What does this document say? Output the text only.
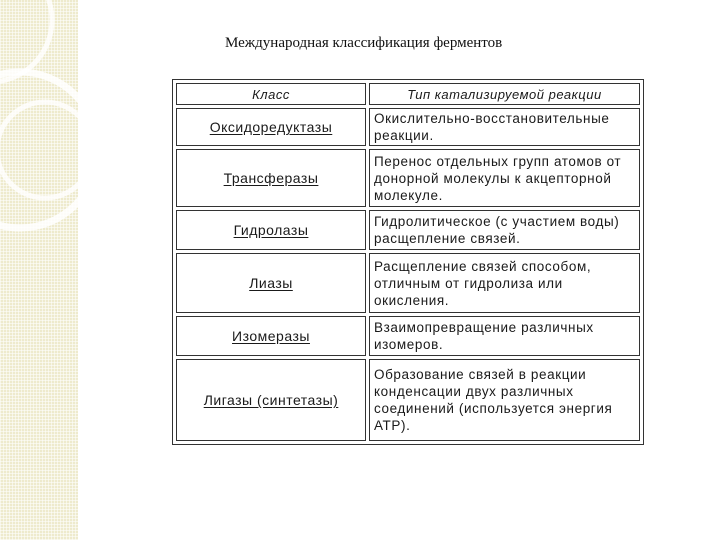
Международная классификация ферментов
Класс	Тип катализируемой реакции
Оксидоредуктазы	Окислительно-восстановительные реакции.
Трансферазы	Перенос отдельных групп атомов от донорной молекулы к акцепторной молекуле.
Гидролазы	Гидролитическое (с участием воды) расщепление связей.
Лиазы	Расщепление связей способом, отличным от гидролиза или окисления.
Изомеразы	Взаимопревращение различных изомеров.
Лигазы (синтетазы)	Образование связей в реакции конденсации двух различных соединений (используется энергия АТР).
